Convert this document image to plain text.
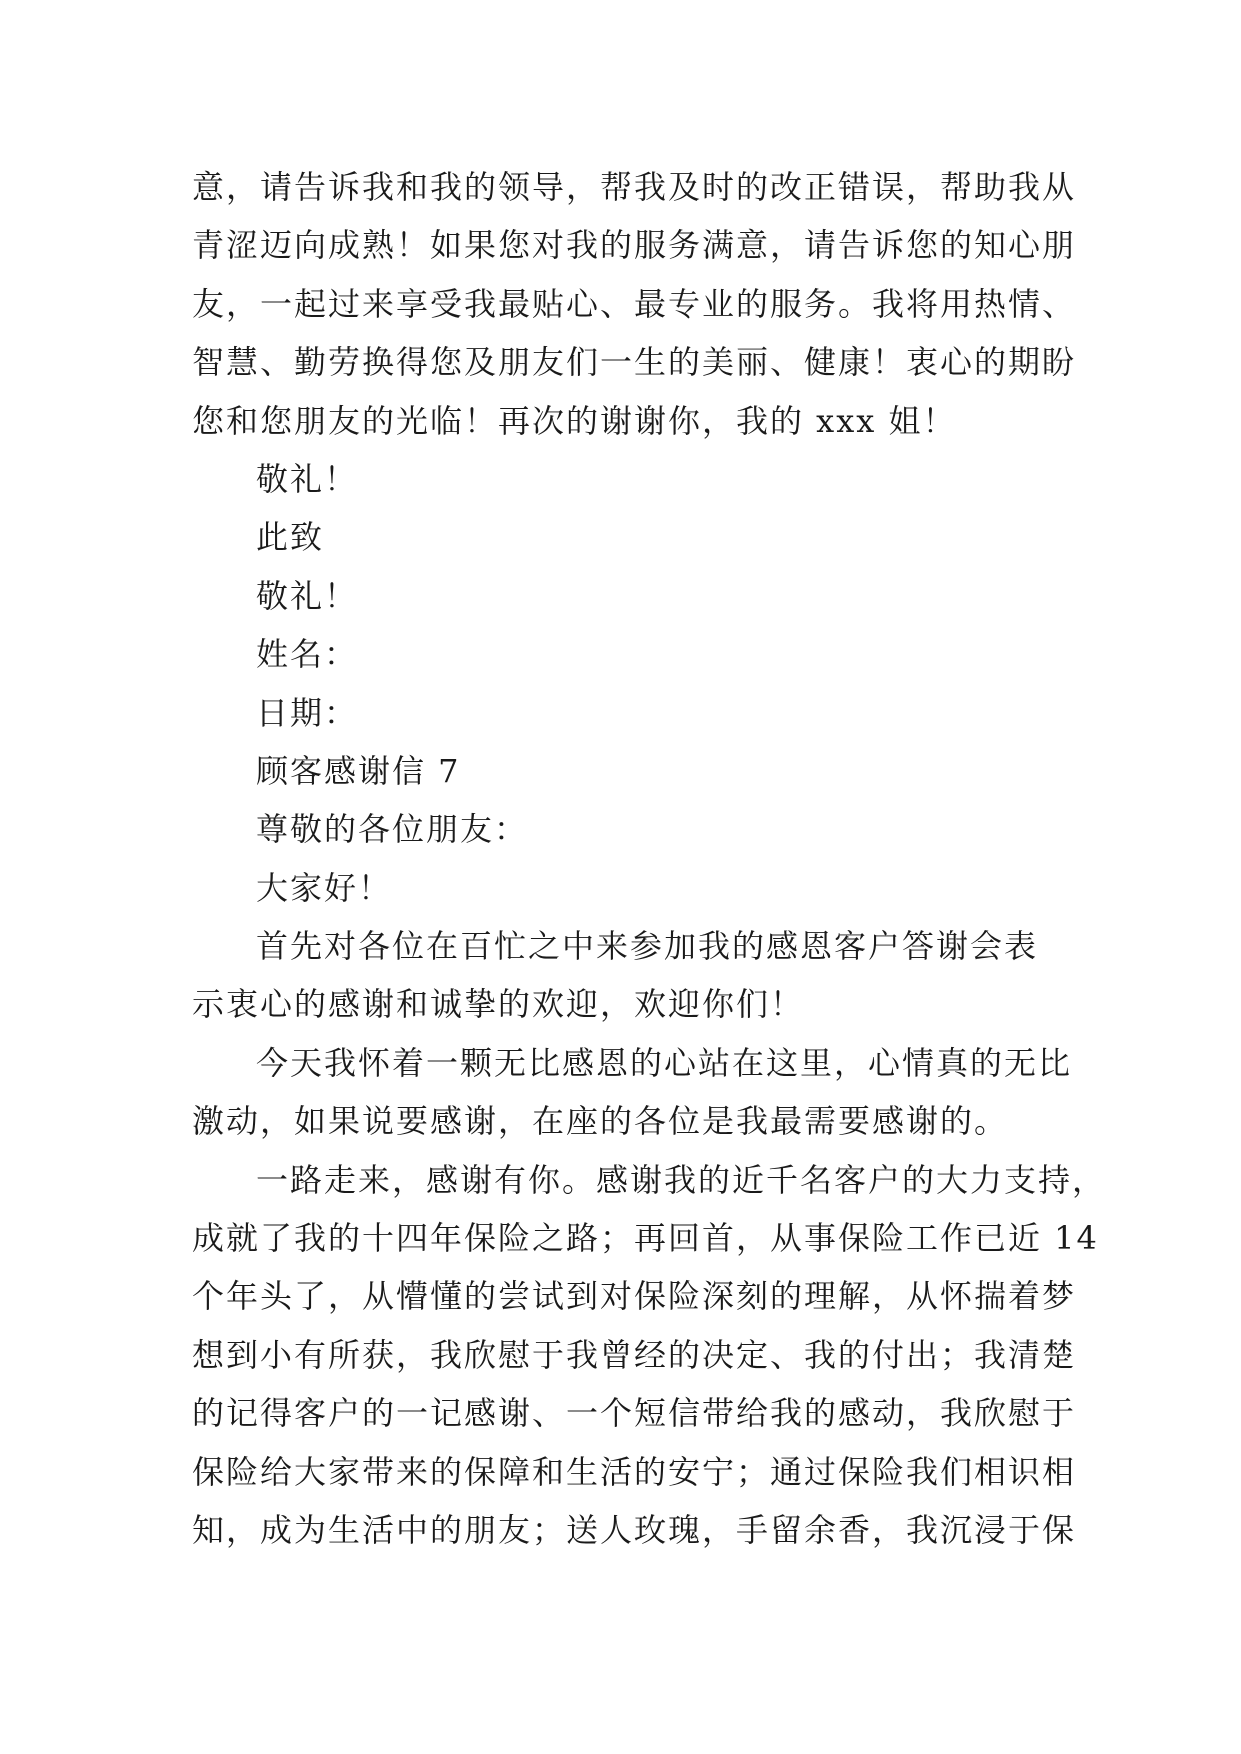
意，请告诉我和我的领导，帮我及时的改正错误，帮助我从
青涩迈向成熟！如果您对我的服务满意，请告诉您的知心朋
友，一起过来享受我最贴心、最专业的服务。我将用热情、
智慧、勤劳换得您及朋友们一生的美丽、健康！衷心的期盼
您和您朋友的光临！再次的谢谢你，我的 xxx 姐！
敬礼！
此致
敬礼！
姓名：
日期：
顾客感谢信 7
尊敬的各位朋友：
大家好！
首先对各位在百忙之中来参加我的感恩客户答谢会表
示衷心的感谢和诚挚的欢迎，欢迎你们！
今天我怀着一颗无比感恩的心站在这里，心情真的无比
激动，如果说要感谢，在座的各位是我最需要感谢的。
一路走来，感谢有你。感谢我的近千名客户的大力支持，
成就了我的十四年保险之路；再回首，从事保险工作已近 14
个年头了，从懵懂的尝试到对保险深刻的理解，从怀揣着梦
想到小有所获，我欣慰于我曾经的决定、我的付出；我清楚
的记得客户的一记感谢、一个短信带给我的感动，我欣慰于
保险给大家带来的保障和生活的安宁；通过保险我们相识相
知，成为生活中的朋友；送人玫瑰，手留余香，我沉浸于保
